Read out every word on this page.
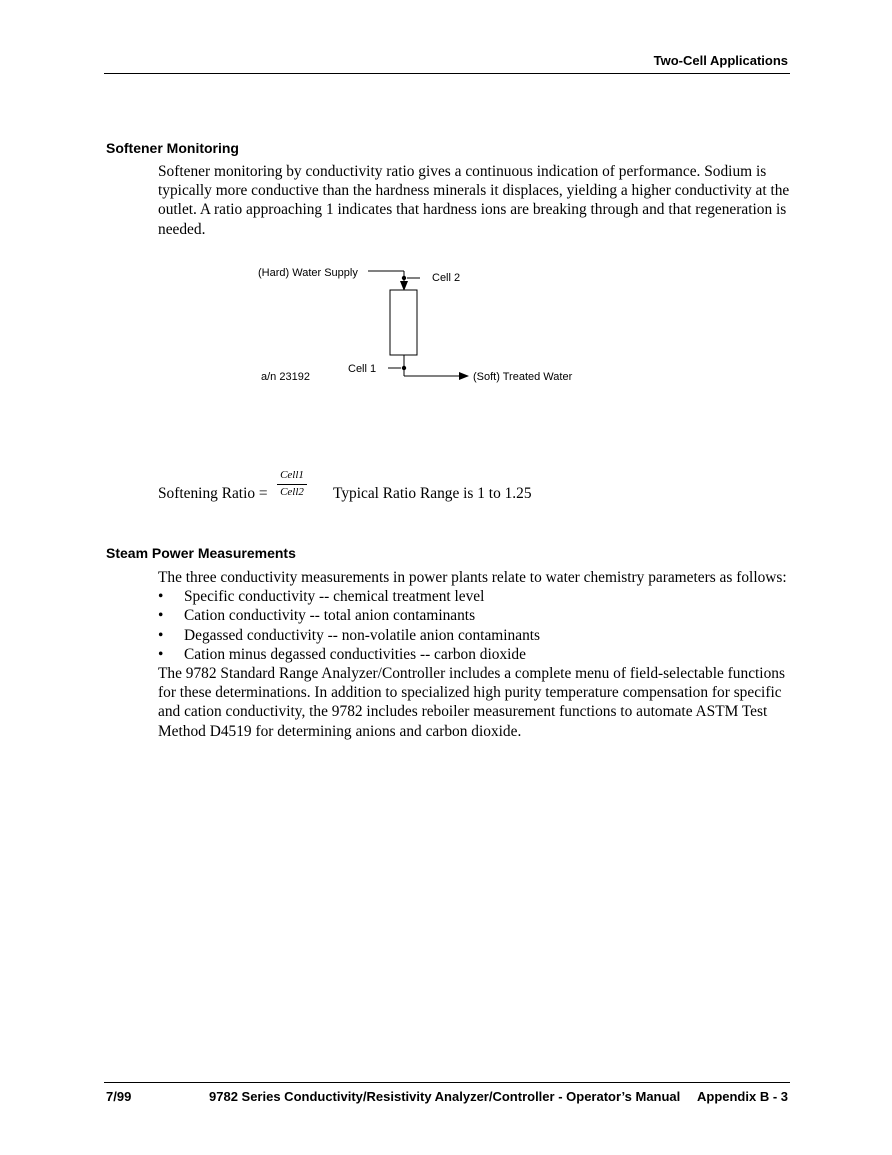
Two-Cell Applications
Softener Monitoring

Softener monitoring by conductivity ratio gives a continuous indication of performance. Sodium is typically more conductive than the hardness minerals it displaces, yielding a higher conductivity at the outlet. A ratio approaching 1 indicates that hardness ions are breaking through and that regeneration is needed.

(Hard) Water Supply	Cell 2
Cell 1
(Soft) Treated Water
a/n 23192
Softening Ratio =
Cell1
Cell2 Typical Ratio Range is 1 to 1.25
Steam Power Measurements

The three conductivity measurements in power plants relate to water chemistry parameters as follows:

• Specific conductivity -- chemical treatment level
• Cation conductivity -- total anion contaminants
• Degassed conductivity -- non-volatile anion contaminants
• Cation minus degassed conductivities -- carbon dioxide

The 9782 Standard Range Analyzer/Controller includes a complete menu of field-selectable functions for these determinations. In addition to specialized high purity temperature compensation for specific and cation conductivity, the 9782 includes reboiler measurement functions to automate ASTM Test Method D4519 for determining anions and carbon dioxide.

7/99	9782 Series Conductivity/Resistivity Analyzer/Controller - Operator’s Manual Appendix B - 3
